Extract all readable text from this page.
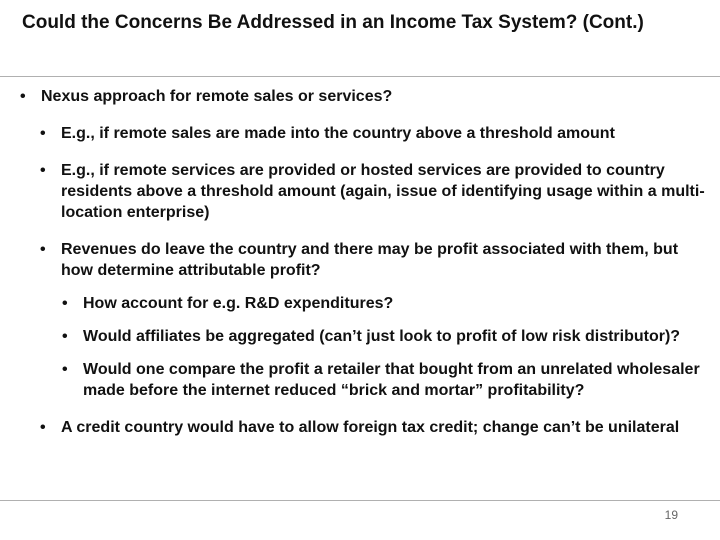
Could the Concerns Be Addressed in an Income Tax System? (Cont.)
• Nexus approach for remote sales or services?
• E.g., if remote sales are made into the country above a threshold amount
• E.g., if remote services are provided or hosted services are provided to country residents above a threshold amount (again, issue of identifying usage within a multi-location enterprise)
• Revenues do leave the country and there may be profit associated with them, but how determine attributable profit?
• How account for e.g. R&D expenditures?
• Would affiliates be aggregated (can’t just look to profit of low risk distributor)?
• Would one compare the profit a retailer that bought from an unrelated wholesaler made before the internet reduced “brick and mortar” profitability?
• A credit country would have to allow foreign tax credit; change can’t be unilateral
19
